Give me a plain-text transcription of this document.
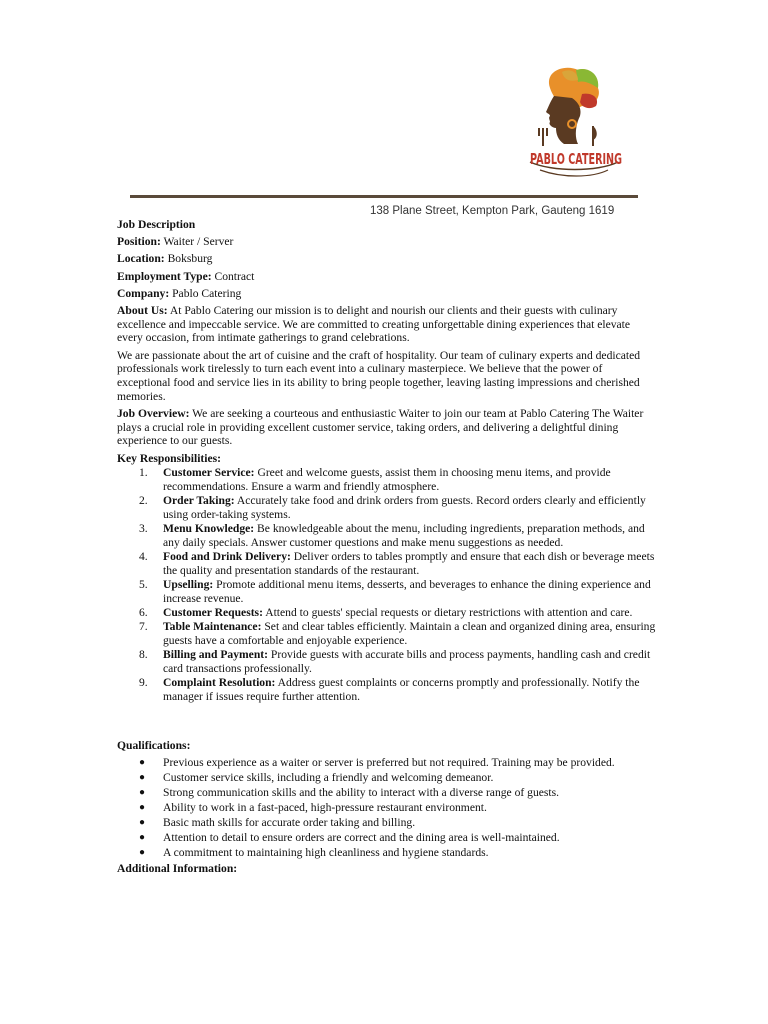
PABLO CATERING
138 Plane Street, Kempton Park, Gauteng 1619
Job Description
Position: Waiter / Server
Location: Boksburg
Employment Type: Contract
Company: Pablo Catering
About Us: At Pablo Catering our mission is to delight and nourish our clients and their guests with culinary excellence and impeccable service. We are committed to creating unforgettable dining experiences that elevate every occasion, from intimate gatherings to grand celebrations.
We are passionate about the art of cuisine and the craft of hospitality. Our team of culinary experts and dedicated professionals work tirelessly to turn each event into a culinary masterpiece. We believe that the power of exceptional food and service lies in its ability to bring people together, leaving lasting impressions and cherished memories.
Job Overview: We are seeking a courteous and enthusiastic Waiter to join our team at Pablo Catering The Waiter plays a crucial role in providing excellent customer service, taking orders, and delivering a delightful dining experience to our guests.
Key Responsibilities:
1. Customer Service: Greet and welcome guests, assist them in choosing menu items, and provide recommendations. Ensure a warm and friendly atmosphere.
2. Order Taking: Accurately take food and drink orders from guests. Record orders clearly and efficiently using order-taking systems.
3. Menu Knowledge: Be knowledgeable about the menu, including ingredients, preparation methods, and any daily specials. Answer customer questions and make menu suggestions as needed.
4. Food and Drink Delivery: Deliver orders to tables promptly and ensure that each dish or beverage meets the quality and presentation standards of the restaurant.
5. Upselling: Promote additional menu items, desserts, and beverages to enhance the dining experience and increase revenue.
6. Customer Requests: Attend to guests' special requests or dietary restrictions with attention and care.
7. Table Maintenance: Set and clear tables efficiently. Maintain a clean and organized dining area, ensuring guests have a comfortable and enjoyable experience.
8. Billing and Payment: Provide guests with accurate bills and process payments, handling cash and credit card transactions professionally.
9. Complaint Resolution: Address guest complaints or concerns promptly and professionally. Notify the manager if issues require further attention.
Qualifications:
● Previous experience as a waiter or server is preferred but not required. Training may be provided.
● Customer service skills, including a friendly and welcoming demeanor.
● Strong communication skills and the ability to interact with a diverse range of guests.
● Ability to work in a fast-paced, high-pressure restaurant environment.
● Basic math skills for accurate order taking and billing.
● Attention to detail to ensure orders are correct and the dining area is well-maintained.
● A commitment to maintaining high cleanliness and hygiene standards.
Additional Information:
